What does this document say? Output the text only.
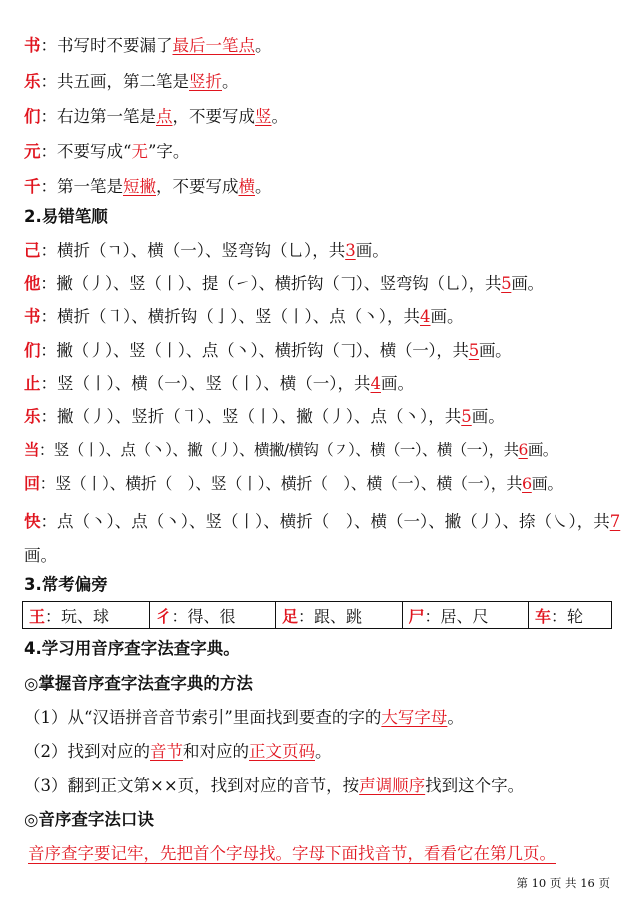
书：书写时不要漏了最后一笔点。
乐：共五画，第二笔是竖折。
们：右边第一笔是点，不要写成竖。
元：不要写成“无”字。
千：第一笔是短撇，不要写成横。
2.易错笔顺
己：横折（ㄱ）、横（一）、竖弯钩（乚），共3画。
他：撇（丿）、竖（丨）、提（㇀）、横折钩（𠃌）、竖弯钩（乚），共5画。
书：横折（㇕）、横折钩（亅）、竖（丨）、点（丶），共4画。
们：撇（丿）、竖（丨）、点（丶）、横折钩（𠃌）、横（一），共5画。
止：竖（丨）、横（一）、竖（丨）、横（一），共4画。
乐：撇（丿）、竖折（㇕）、竖（丨）、撇（丿）、点（丶），共5画。
当：竖（丨）、点（丶）、撇（丿）、横撇/横钩（㇇）、横（一）、横（一），共6画。
回：竖（丨）、横折（　）、竖（丨）、横折（　）、横（一）、横（一），共6画。
快：点（丶）、点（丶）、竖（丨）、横折（　）、横（一）、撇（丿）、捺（㇏），共7画。
3.常考偏旁
王：玩、球	彳：得、很	足：跟、跳	尸：居、尺	车：轮
4.学习用音序查字法查字典。
◎掌握音序查字法查字典的方法
（1）从“汉语拼音音节索引”里面找到要查的字的大写字母。
（2）找到对应的音节和对应的正文页码。
（3）翻到正文第××页，找到对应的音节，按声调顺序找到这个字。
◎音序查字法口诀
音序查字要记牢，先把首个字母找。字母下面找音节，看看它在第几页。
第 10 页 共 16 页
